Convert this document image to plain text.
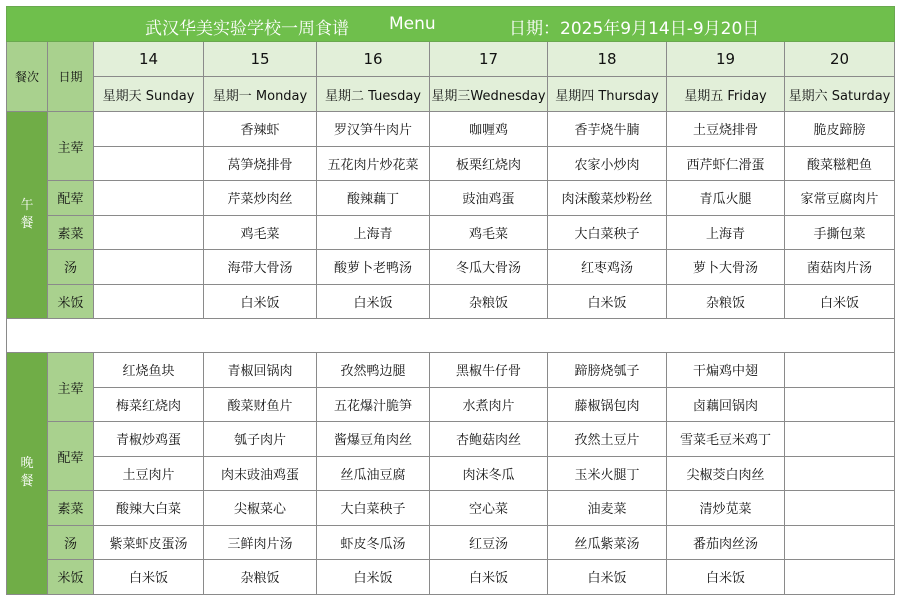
武汉华美实验学校一周食谱 Menu 日期：2025年9月14日-9月20日								

餐次	日期	14	15	16	17	18	19	20
		星期天 Sunday	星期一 Monday	星期二 Tuesday	星期三Wednesday	星期四 Thursday	星期五 Friday	星期六 Saturday
午餐	主荤		香辣虾	罗汉笋牛肉片	咖喱鸡	香芋烧牛腩	土豆烧排骨	脆皮蹄膀
			莴笋烧排骨	五花肉片炒花菜	板栗红烧肉	农家小炒肉	西芹虾仁滑蛋	酸菜糍粑鱼
	配荤		芹菜炒肉丝	酸辣藕丁	豉油鸡蛋	肉沫酸菜炒粉丝	青瓜火腿	家常豆腐肉片
	素菜		鸡毛菜	上海青	鸡毛菜	大白菜秧子	上海青	手撕包菜
	汤		海带大骨汤	酸萝卜老鸭汤	冬瓜大骨汤	红枣鸡汤	萝卜大骨汤	菌菇肉片汤
	米饭		白米饭	白米饭	杂粮饭	白米饭	杂粮饭	白米饭

晚餐	主荤	红烧鱼块	青椒回锅肉	孜然鸭边腿	黑椒牛仔骨	蹄膀烧瓠子	干煸鸡中翅	
		梅菜红烧肉	酸菜财鱼片	五花爆汁脆笋	水煮肉片	藤椒锅包肉	卤藕回锅肉	
	配荤	青椒炒鸡蛋	瓠子肉片	酱爆豆角肉丝	杏鲍菇肉丝	孜然土豆片	雪菜毛豆米鸡丁	
		土豆肉片	肉末豉油鸡蛋	丝瓜油豆腐	肉沫冬瓜	玉米火腿丁	尖椒茭白肉丝	
	素菜	酸辣大白菜	尖椒菜心	大白菜秧子	空心菜	油麦菜	清炒苋菜	
	汤	紫菜虾皮蛋汤	三鲜肉片汤	虾皮冬瓜汤	红豆汤	丝瓜紫菜汤	番茄肉丝汤	
	米饭	白米饭	杂粮饭	白米饭	白米饭	白米饭	白米饭	
